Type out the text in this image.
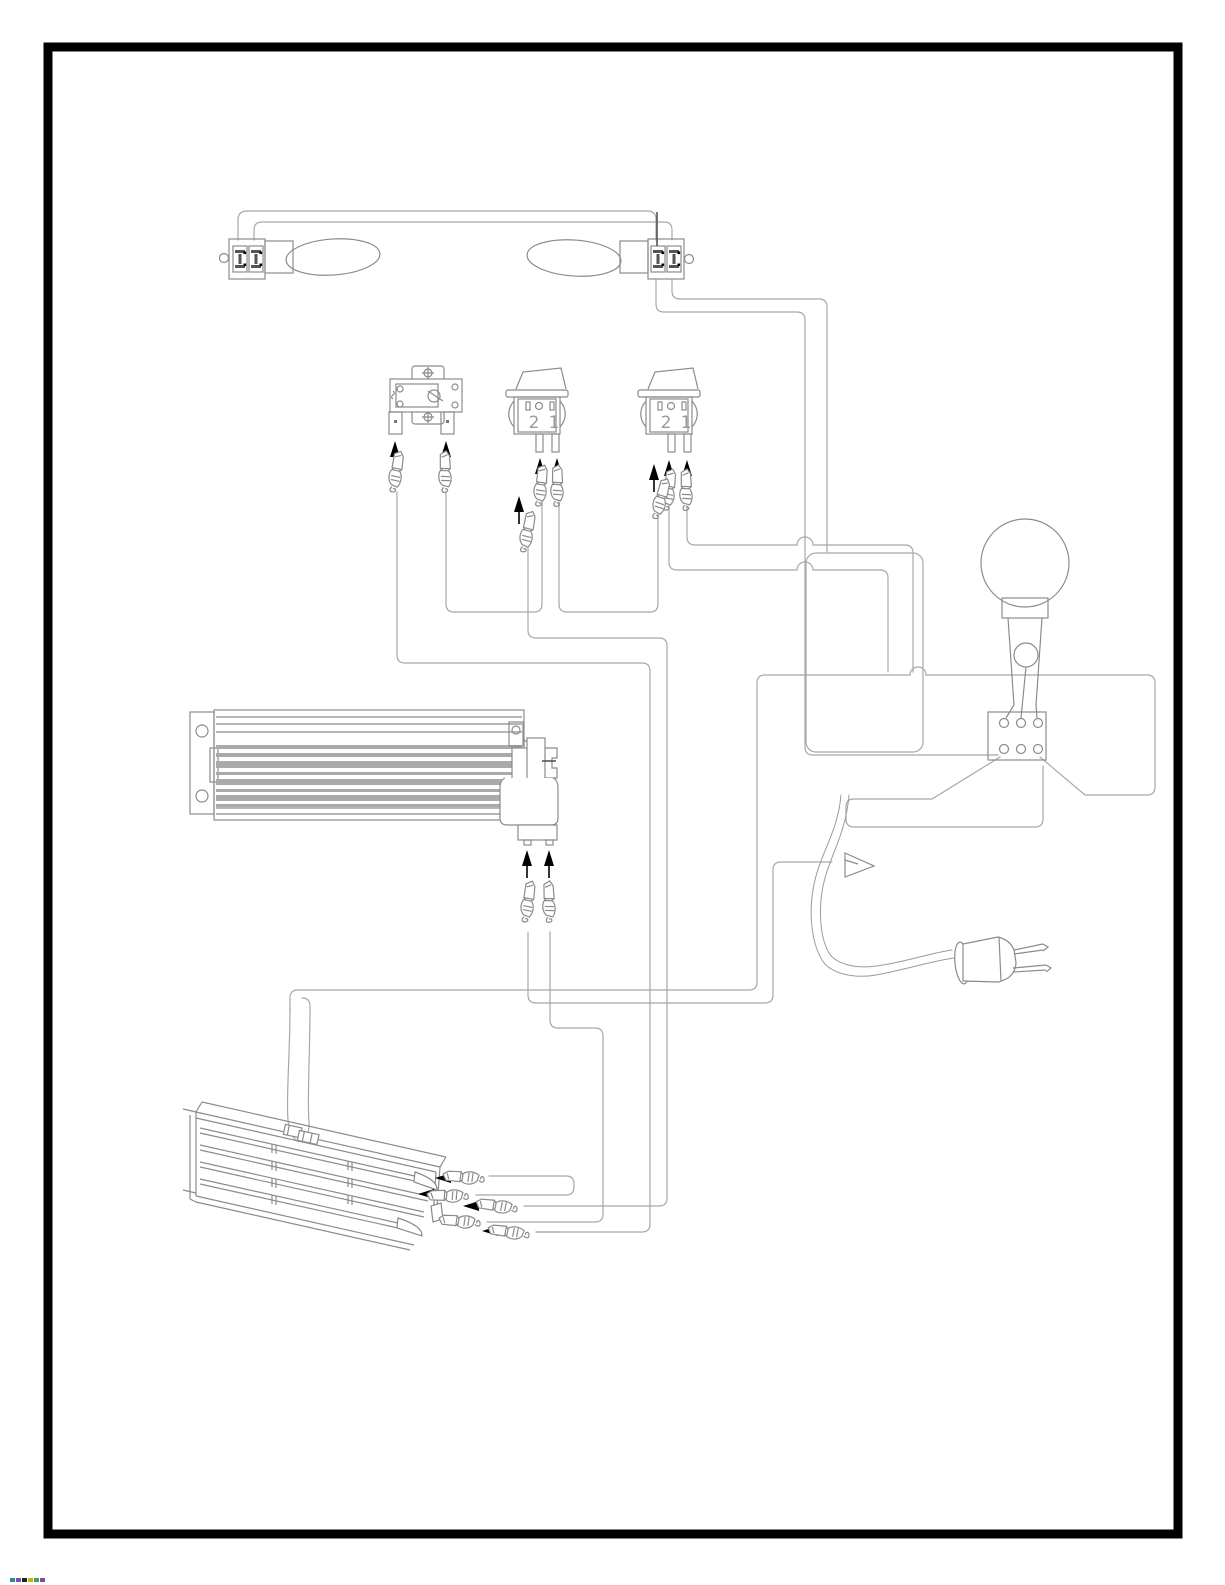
2 1	2 1
